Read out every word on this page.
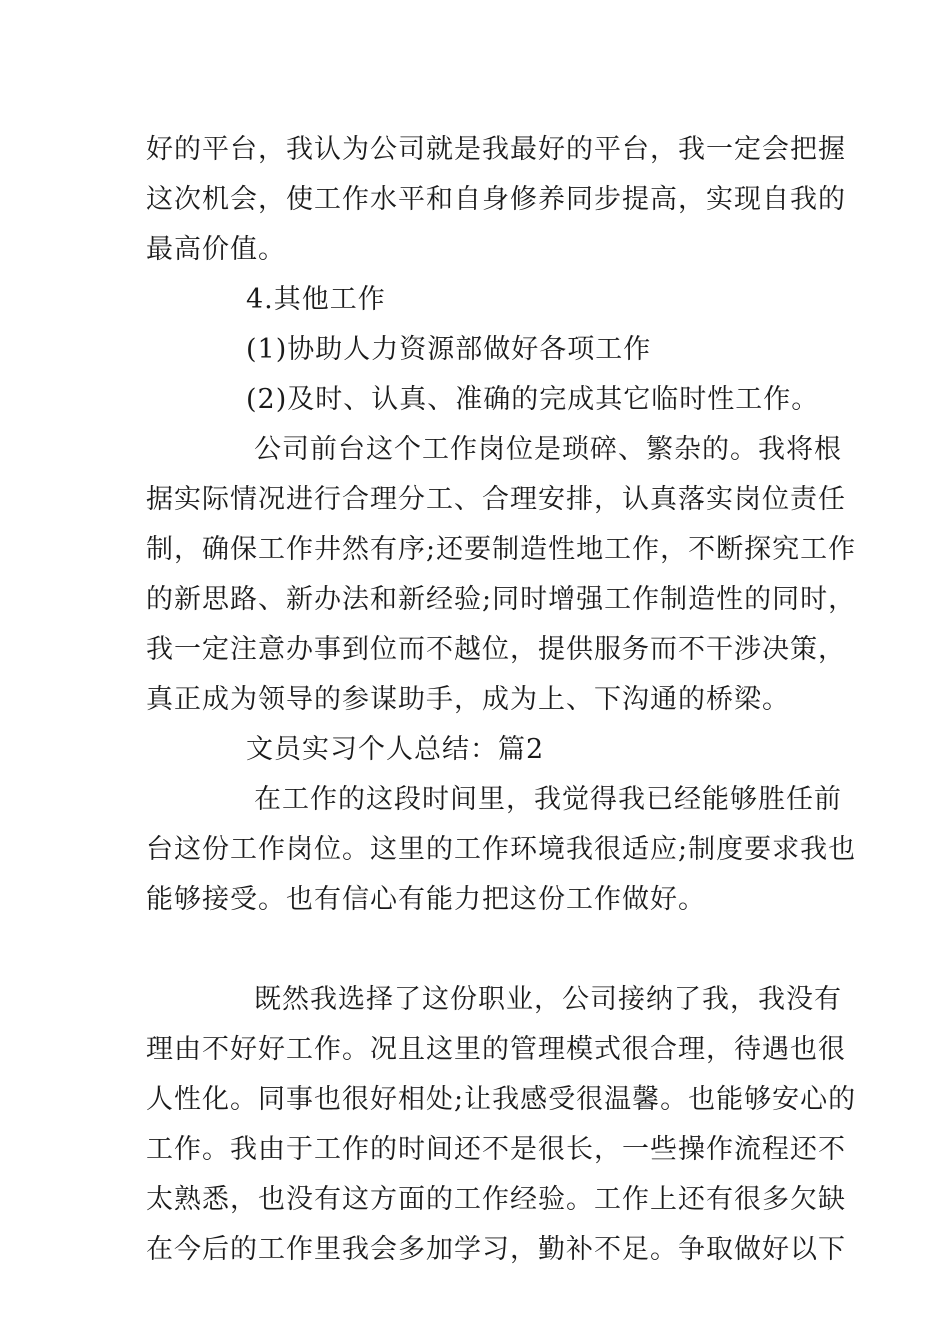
好的平台，我认为公司就是我最好的平台，我一定会把握
这次机会，使工作水平和自身修养同步提高，实现自我的
最高价值。
4.其他工作
(1)协助人力资源部做好各项工作
(2)及时、认真、准确的完成其它临时性工作。
公司前台这个工作岗位是琐碎、繁杂的。我将根
据实际情况进行合理分工、合理安排，认真落实岗位责任
制，确保工作井然有序;还要制造性地工作，不断探究工作
的新思路、新办法和新经验;同时增强工作制造性的同时，
我一定注意办事到位而不越位，提供服务而不干涉决策，
真正成为领导的参谋助手，成为上、下沟通的桥梁。
文员实习个人总结：篇2
在工作的这段时间里，我觉得我已经能够胜任前
台这份工作岗位。这里的工作环境我很适应;制度要求我也
能够接受。也有信心有能力把这份工作做好。
既然我选择了这份职业，公司接纳了我，我没有
理由不好好工作。况且这里的管理模式很合理，待遇也很
人性化。同事也很好相处;让我感受很温馨。也能够安心的
工作。我由于工作的时间还不是很长，一些操作流程还不
太熟悉，也没有这方面的工作经验。工作上还有很多欠缺
在今后的工作里我会多加学习，勤补不足。争取做好以下
